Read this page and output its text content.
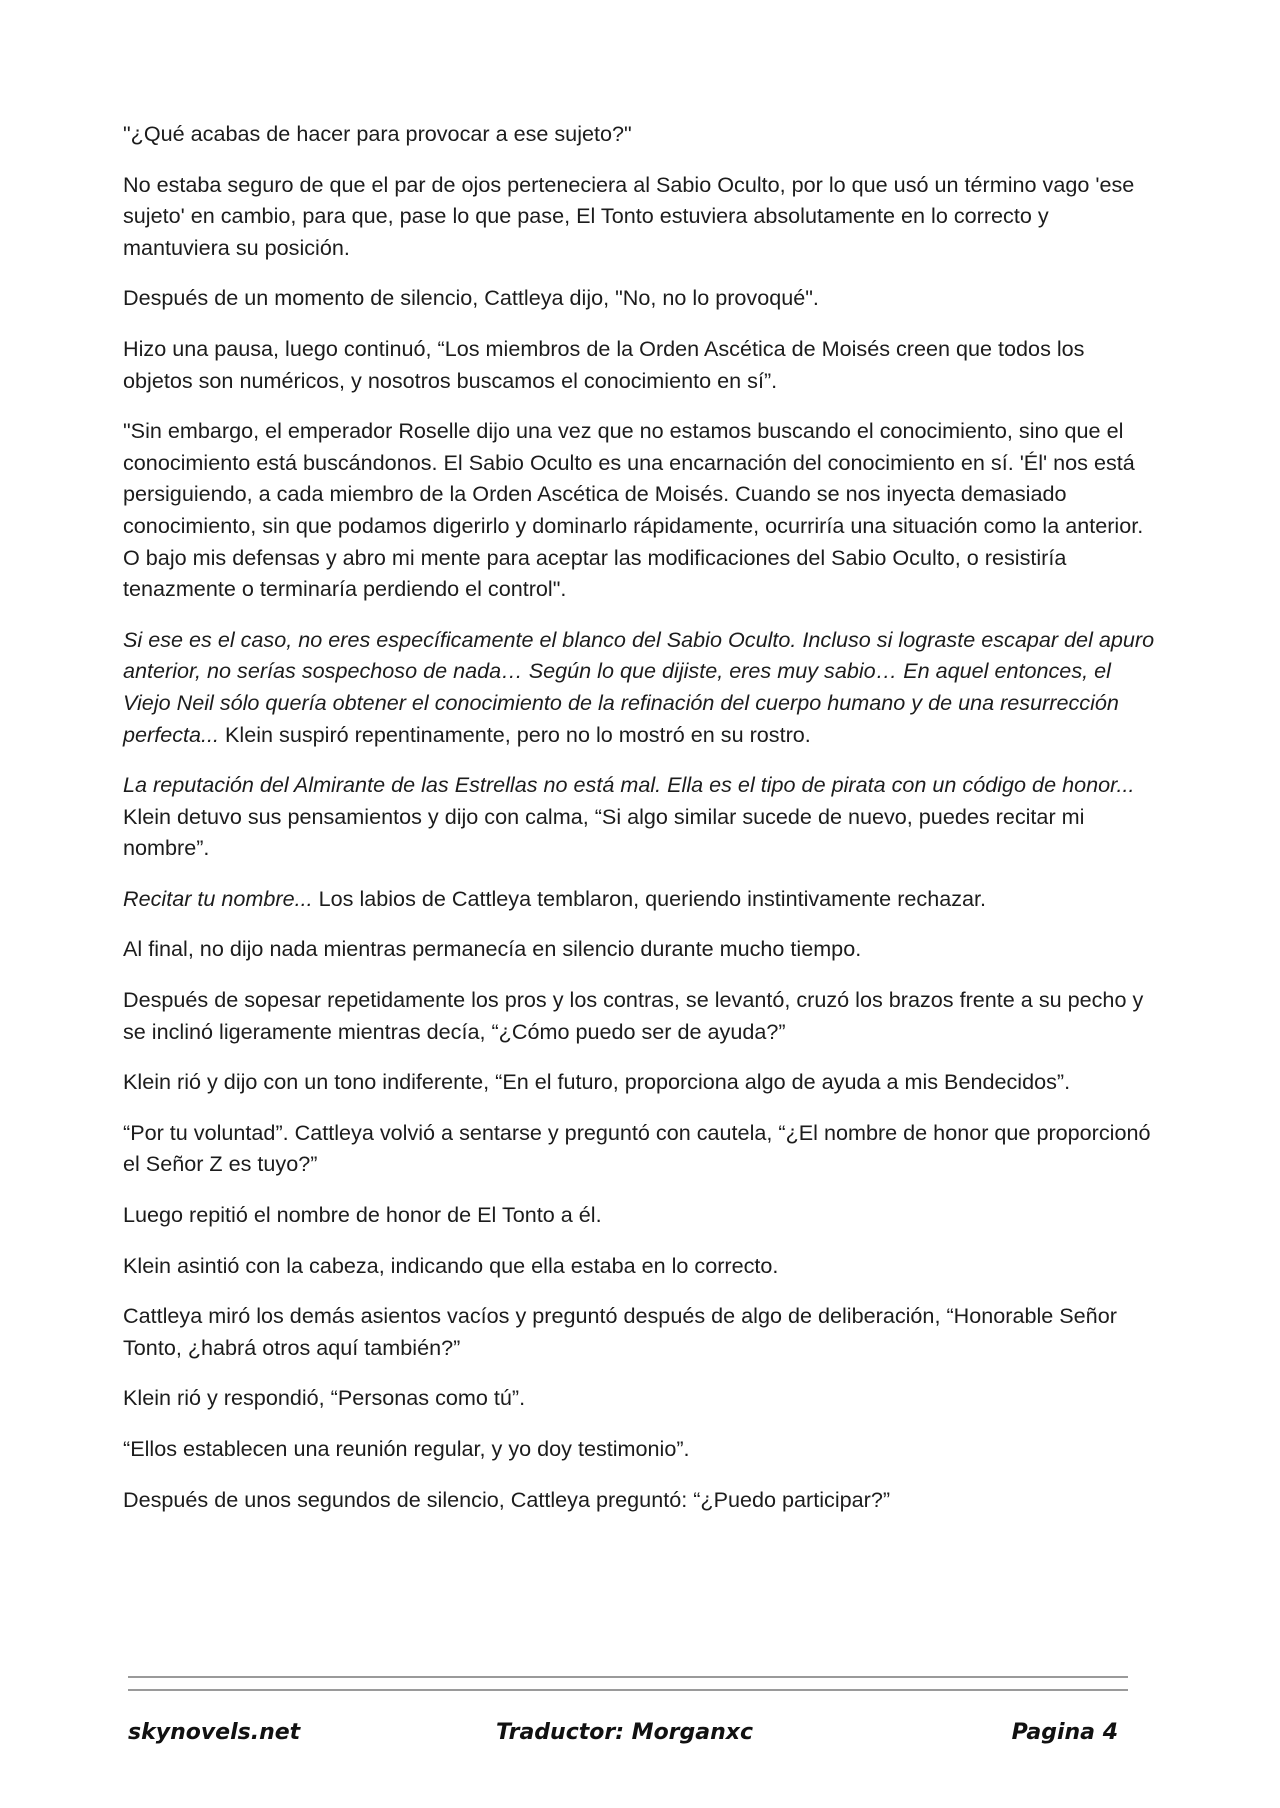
"¿Qué acabas de hacer para provocar a ese sujeto?"

No estaba seguro de que el par de ojos perteneciera al Sabio Oculto, por lo que usó un término vago 'ese sujeto' en cambio, para que, pase lo que pase, El Tonto estuviera absolutamente en lo correcto y mantuviera su posición.

Después de un momento de silencio, Cattleya dijo, "No, no lo provoqué".

Hizo una pausa, luego continuó, “Los miembros de la Orden Ascética de Moisés creen que todos los objetos son numéricos, y nosotros buscamos el conocimiento en sí”.

"Sin embargo, el emperador Roselle dijo una vez que no estamos buscando el conocimiento, sino que el conocimiento está buscándonos. El Sabio Oculto es una encarnación del conocimiento en sí. 'Él' nos está persiguiendo, a cada miembro de la Orden Ascética de Moisés. Cuando se nos inyecta demasiado conocimiento, sin que podamos digerirlo y dominarlo rápidamente, ocurriría una situación como la anterior. O bajo mis defensas y abro mi mente para aceptar las modificaciones del Sabio Oculto, o resistiría tenazmente o terminaría perdiendo el control".

Si ese es el caso, no eres específicamente el blanco del Sabio Oculto. Incluso si lograste escapar del apuro anterior, no serías sospechoso de nada… Según lo que dijiste, eres muy sabio… En aquel entonces, el Viejo Neil sólo quería obtener el conocimiento de la refinación del cuerpo humano y de una resurrección perfecta... Klein suspiró repentinamente, pero no lo mostró en su rostro.

La reputación del Almirante de las Estrellas no está mal. Ella es el tipo de pirata con un código de honor... Klein detuvo sus pensamientos y dijo con calma, “Si algo similar sucede de nuevo, puedes recitar mi nombre”.

Recitar tu nombre... Los labios de Cattleya temblaron, queriendo instintivamente rechazar.

Al final, no dijo nada mientras permanecía en silencio durante mucho tiempo.

Después de sopesar repetidamente los pros y los contras, se levantó, cruzó los brazos frente a su pecho y se inclinó ligeramente mientras decía, “¿Cómo puedo ser de ayuda?”

Klein rió y dijo con un tono indiferente, “En el futuro, proporciona algo de ayuda a mis Bendecidos”.

“Por tu voluntad”. Cattleya volvió a sentarse y preguntó con cautela, “¿El nombre de honor que proporcionó el Señor Z es tuyo?”

Luego repitió el nombre de honor de El Tonto a él.

Klein asintió con la cabeza, indicando que ella estaba en lo correcto.

Cattleya miró los demás asientos vacíos y preguntó después de algo de deliberación, “Honorable Señor Tonto, ¿habrá otros aquí también?”

Klein rió y respondió, “Personas como tú”.

“Ellos establecen una reunión regular, y yo doy testimonio”.

Después de unos segundos de silencio, Cattleya preguntó: “¿Puedo participar?”

skynovels.net	Traductor: Morganxc	Pagina 4
